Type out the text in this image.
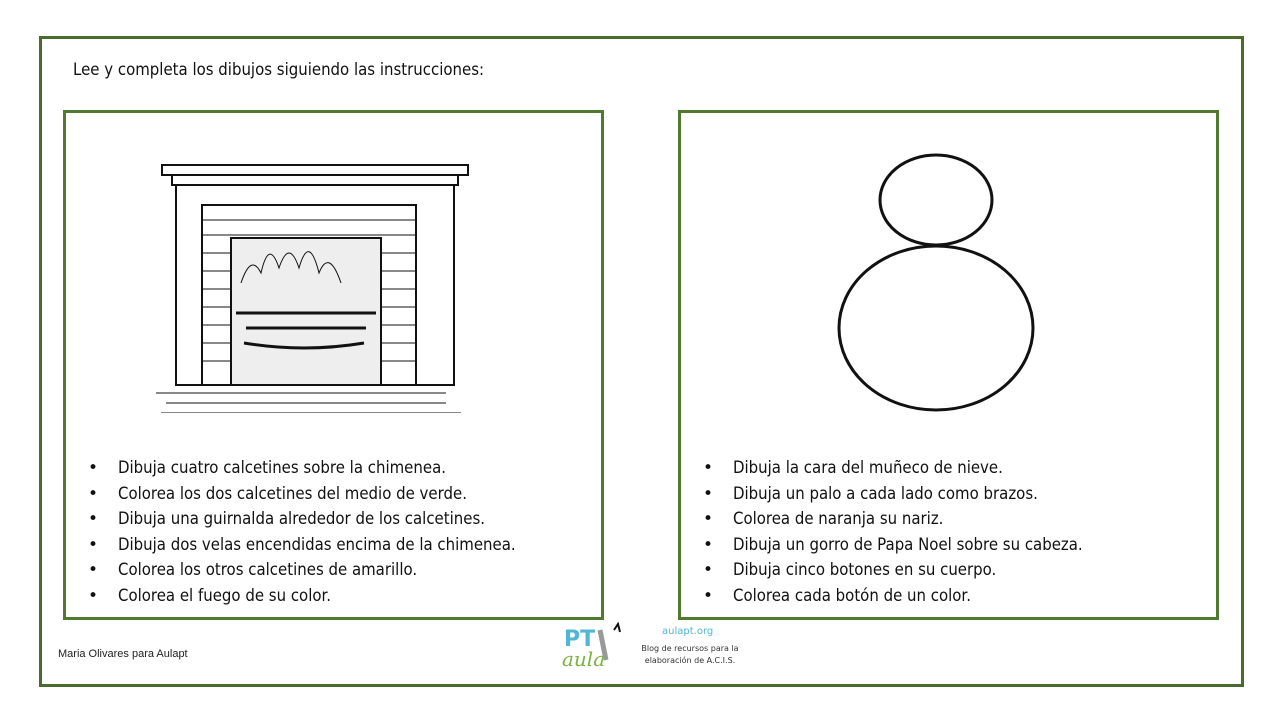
Lee y completa los dibujos siguiendo las instrucciones:
• Dibuja cuatro calcetines sobre la chimenea.
• Colorea los dos calcetines del medio de verde.
• Dibuja una guirnalda alrededor de los calcetines.
• Dibuja dos velas encendidas encima de la chimenea.
• Colorea los otros calcetines de amarillo.
• Colorea el fuego de su color.
• Dibuja la cara del muñeco de nieve.
• Dibuja un palo a cada lado como brazos.
• Colorea de naranja su nariz.
• Dibuja un gorro de Papa Noel sobre su cabeza.
• Dibuja cinco botones en su cuerpo.
• Colorea cada botón de un color.
Maria Olivares para Aulapt
PT
aula
aulapt.org
Blog de recursos para la elaboración de A.C.I.S.
